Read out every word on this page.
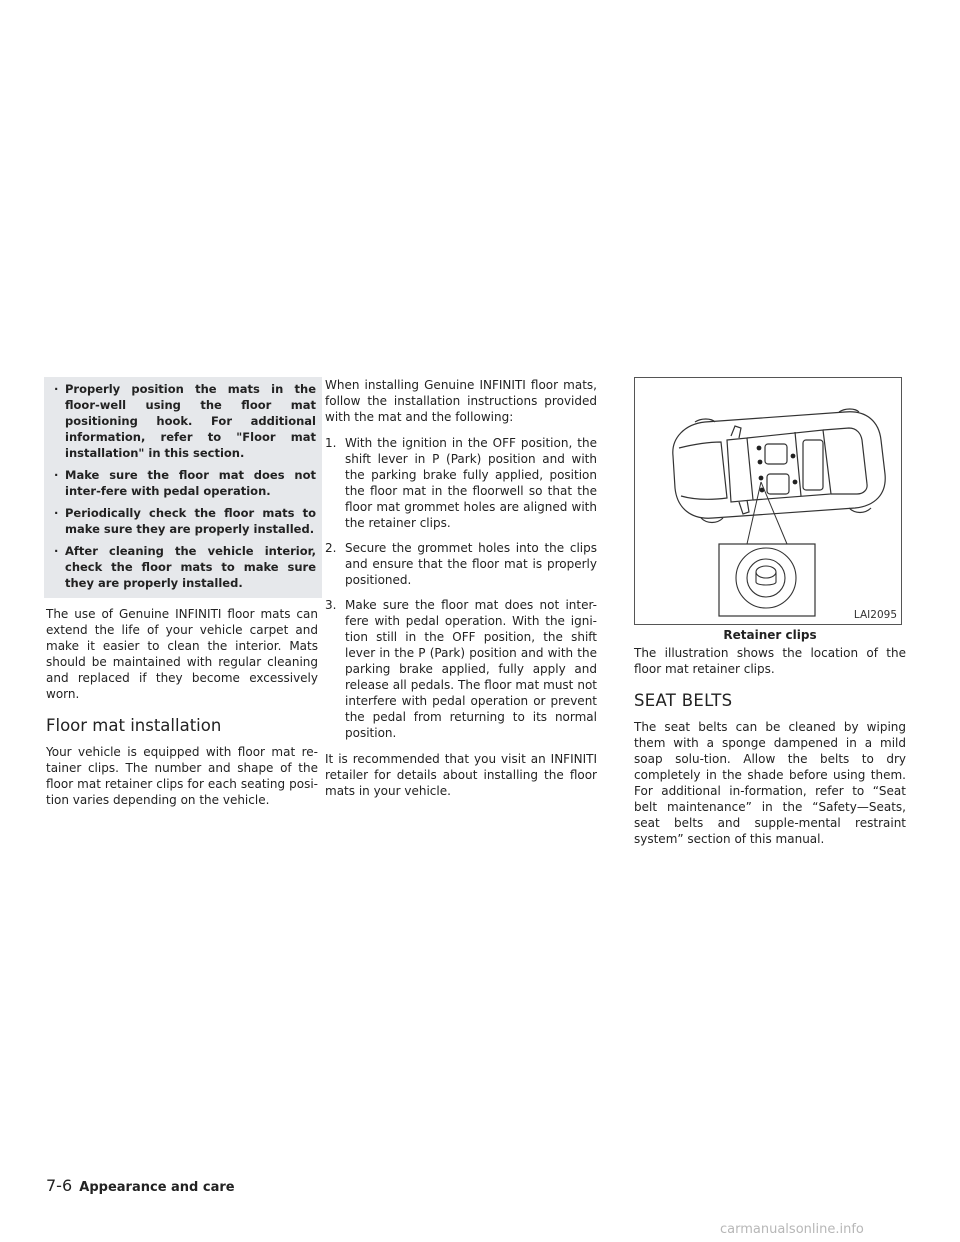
· Properly position the mats in the floor-well using the floor mat positioning hook. For additional information, refer to "Floor mat installation" in this section.
· Make sure the floor mat does not inter-fere with pedal operation.
· Periodically check the floor mats to make sure they are properly installed.
· After cleaning the vehicle interior, check the floor mats to make sure they are properly installed.

The use of Genuine INFINITI floor mats can extend the life of your vehicle carpet and make it easier to clean the interior. Mats should be maintained with regular cleaning and replaced if they become excessively worn.

Floor mat installation

Your vehicle is equipped with floor mat re-tainer clips. The number and shape of the floor mat retainer clips for each seating posi-tion varies depending on the vehicle.

When installing Genuine INFINITI floor mats, follow the installation instructions provided with the mat and the following:

1. With the ignition in the OFF position, the shift lever in P (Park) position and with the parking brake fully applied, position the floor mat in the floorwell so that the floor mat grommet holes are aligned with the retainer clips.
2. Secure the grommet holes into the clips and ensure that the floor mat is properly positioned.
3. Make sure the floor mat does not inter-fere with pedal operation. With the igni-tion still in the OFF position, the shift lever in the P (Park) position and with the parking brake applied, fully apply and release all pedals. The floor mat must not interfere with pedal operation or prevent the pedal from returning to its normal position.

It is recommended that you visit an INFINITI retailer for details about installing the floor mats in your vehicle.

LAI2095
Retainer clips

The illustration shows the location of the floor mat retainer clips.

SEAT BELTS

The seat belts can be cleaned by wiping them with a sponge dampened in a mild soap solu-tion. Allow the belts to dry completely in the shade before using them. For additional in-formation, refer to “Seat belt maintenance” in the “Safety—Seats, seat belts and supple-mental restraint system” section of this manual.

7-6 Appearance and care
carmanualsonline.info
